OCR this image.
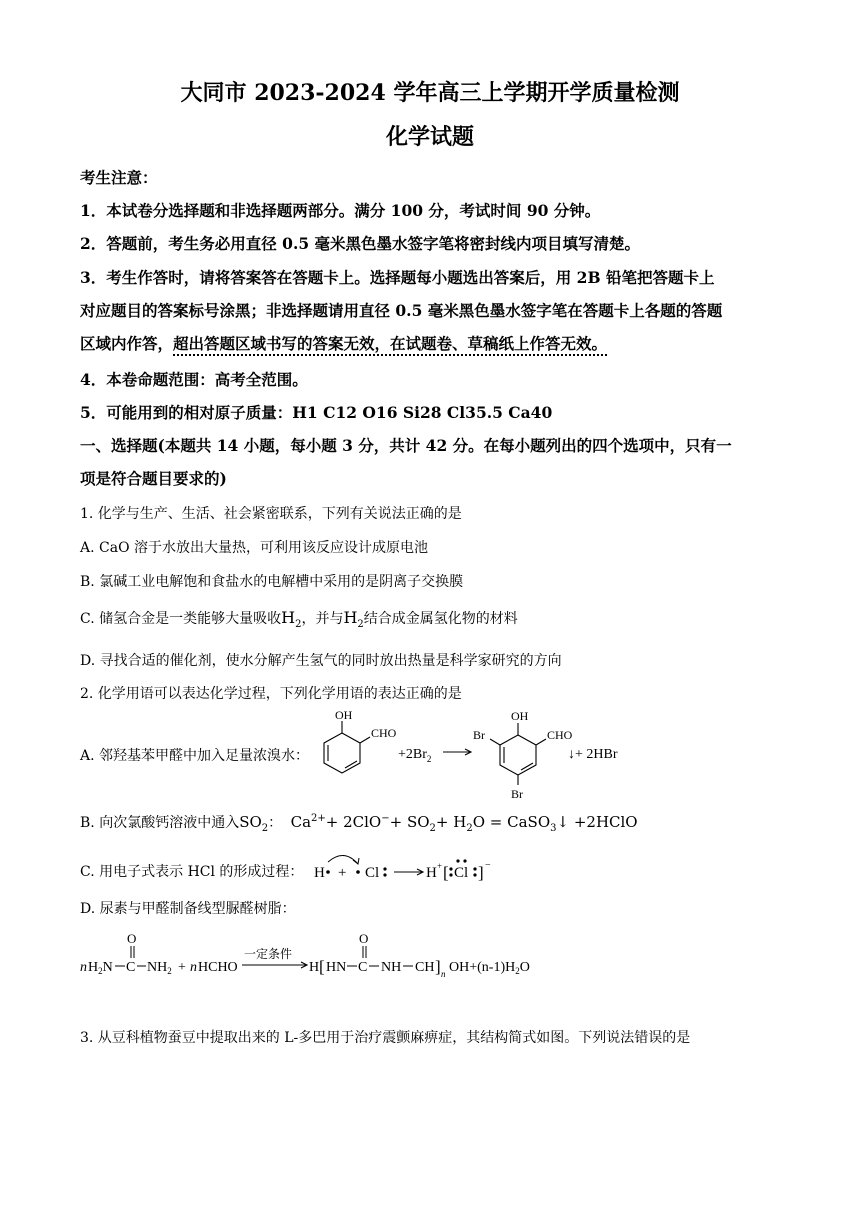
大同市 2023-2024 学年高三上学期开学质量检测
化学试题
考生注意：
1．本试卷分选择题和非选择题两部分。满分 100 分，考试时间 90 分钟。
2．答题前，考生务必用直径 0.5 毫米黑色墨水签字笔将密封线内项目填写清楚。
3．考生作答时，请将答案答在答题卡上。选择题每小题选出答案后，用 2B 铅笔把答题卡上
对应题目的答案标号涂黑；非选择题请用直径 0.5 毫米黑色墨水签字笔在答题卡上各题的答题
区域内作答，超出答题区域书写的答案无效，在试题卷、草稿纸上作答无效。
4．本卷命题范围：高考全范围。
5．可能用到的相对原子质量：H1 C12 O16 Si28 Cl35.5 Ca40
一、选择题(本题共 14 小题，每小题 3 分，共计 42 分。在每小题列出的四个选项中，只有一
项是符合题目要求的)
1. 化学与生产、生活、社会紧密联系，下列有关说法正确的是
A. CaO 溶于水放出大量热，可利用该反应设计成原电池
B. 氯碱工业电解饱和食盐水的电解槽中采用的是阴离子交换膜
C. 储氢合金是一类能够大量吸收$H_2$，并与$H_2$结合成金属氢化物的材料
D. 寻找合适的催化剂，使水分解产生氢气的同时放出热量是科学家研究的方向
2. 化学用语可以表达化学过程，下列化学用语的表达正确的是
A. 邻羟基苯甲醛中加入足量浓溴水：
OH
CHO
$+2Br_2$
OH
CHO
Br
Br
↓+ 2HBr
B. 向次氯酸钙溶液中通入$SO_2$： $Ca^{2+}+ 2ClO^-+ SO_2+ H_2O$ = CaSO$_3$↓ +2HClO
C. 用电子式表示 HCl 的形成过程： H + Cl	H + [ Cl ] −
D. 尿素与甲醛制备线型脲醛树脂：
n $H_2N$ C
O
$NH_2 + n$ HCHO
一定条件
H [ HN C
O
NH CH ] n $OH+(n-1)H_2O$
3. 从豆科植物蚕豆中提取出来的 L-多巴用于治疗震颤麻痹症，其结构简式如图。下列说法错误的是
